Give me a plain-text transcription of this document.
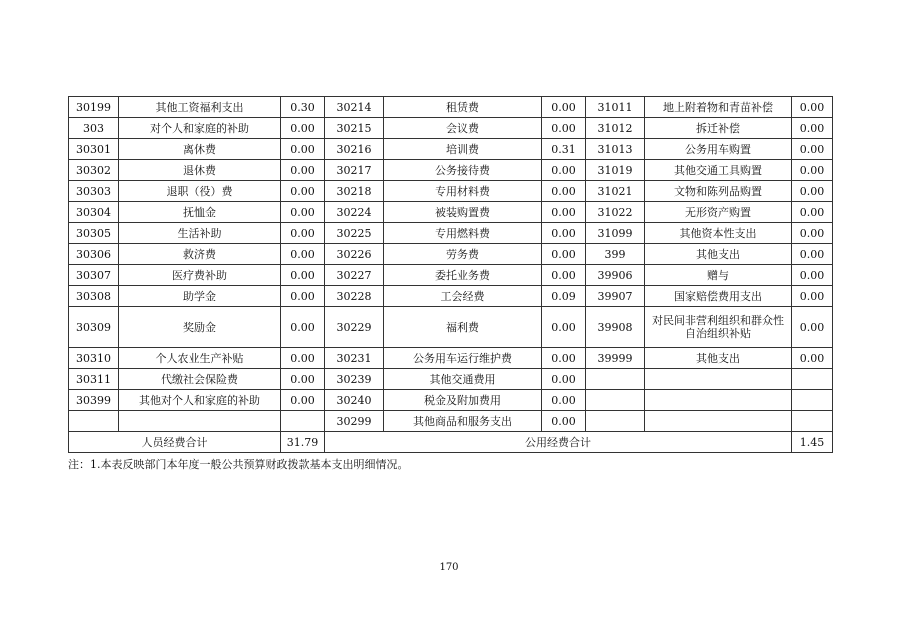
30199	其他工资福利支出	0.30	30214	租赁费	0.00	31011	地上附着物和青苗补偿	0.00
303	对个人和家庭的补助	0.00	30215	会议费	0.00	31012	拆迁补偿	0.00
30301	离休费	0.00	30216	培训费	0.31	31013	公务用车购置	0.00
30302	退休费	0.00	30217	公务接待费	0.00	31019	其他交通工具购置	0.00
30303	退职（役）费	0.00	30218	专用材料费	0.00	31021	文物和陈列品购置	0.00
30304	抚恤金	0.00	30224	被装购置费	0.00	31022	无形资产购置	0.00
30305	生活补助	0.00	30225	专用燃料费	0.00	31099	其他资本性支出	0.00
30306	救济费	0.00	30226	劳务费	0.00	399	其他支出	0.00
30307	医疗费补助	0.00	30227	委托业务费	0.00	39906	赠与	0.00
30308	助学金	0.00	30228	工会经费	0.09	39907	国家赔偿费用支出	0.00
30309	奖励金	0.00	30229	福利费	0.00	39908	对民间非营利组织和群众性自治组织补贴	0.00
30310	个人农业生产补贴	0.00	30231	公务用车运行维护费	0.00	39999	其他支出	0.00
30311	代缴社会保险费	0.00	30239	其他交通费用	0.00			
30399	其他对个人和家庭的补助	0.00	30240	税金及附加费用	0.00			
			30299	其他商品和服务支出	0.00			
人员经费合计		31.79	公用经费合计					1.45
注：1.本表反映部门本年度一般公共预算财政拨款基本支出明细情况。
170
